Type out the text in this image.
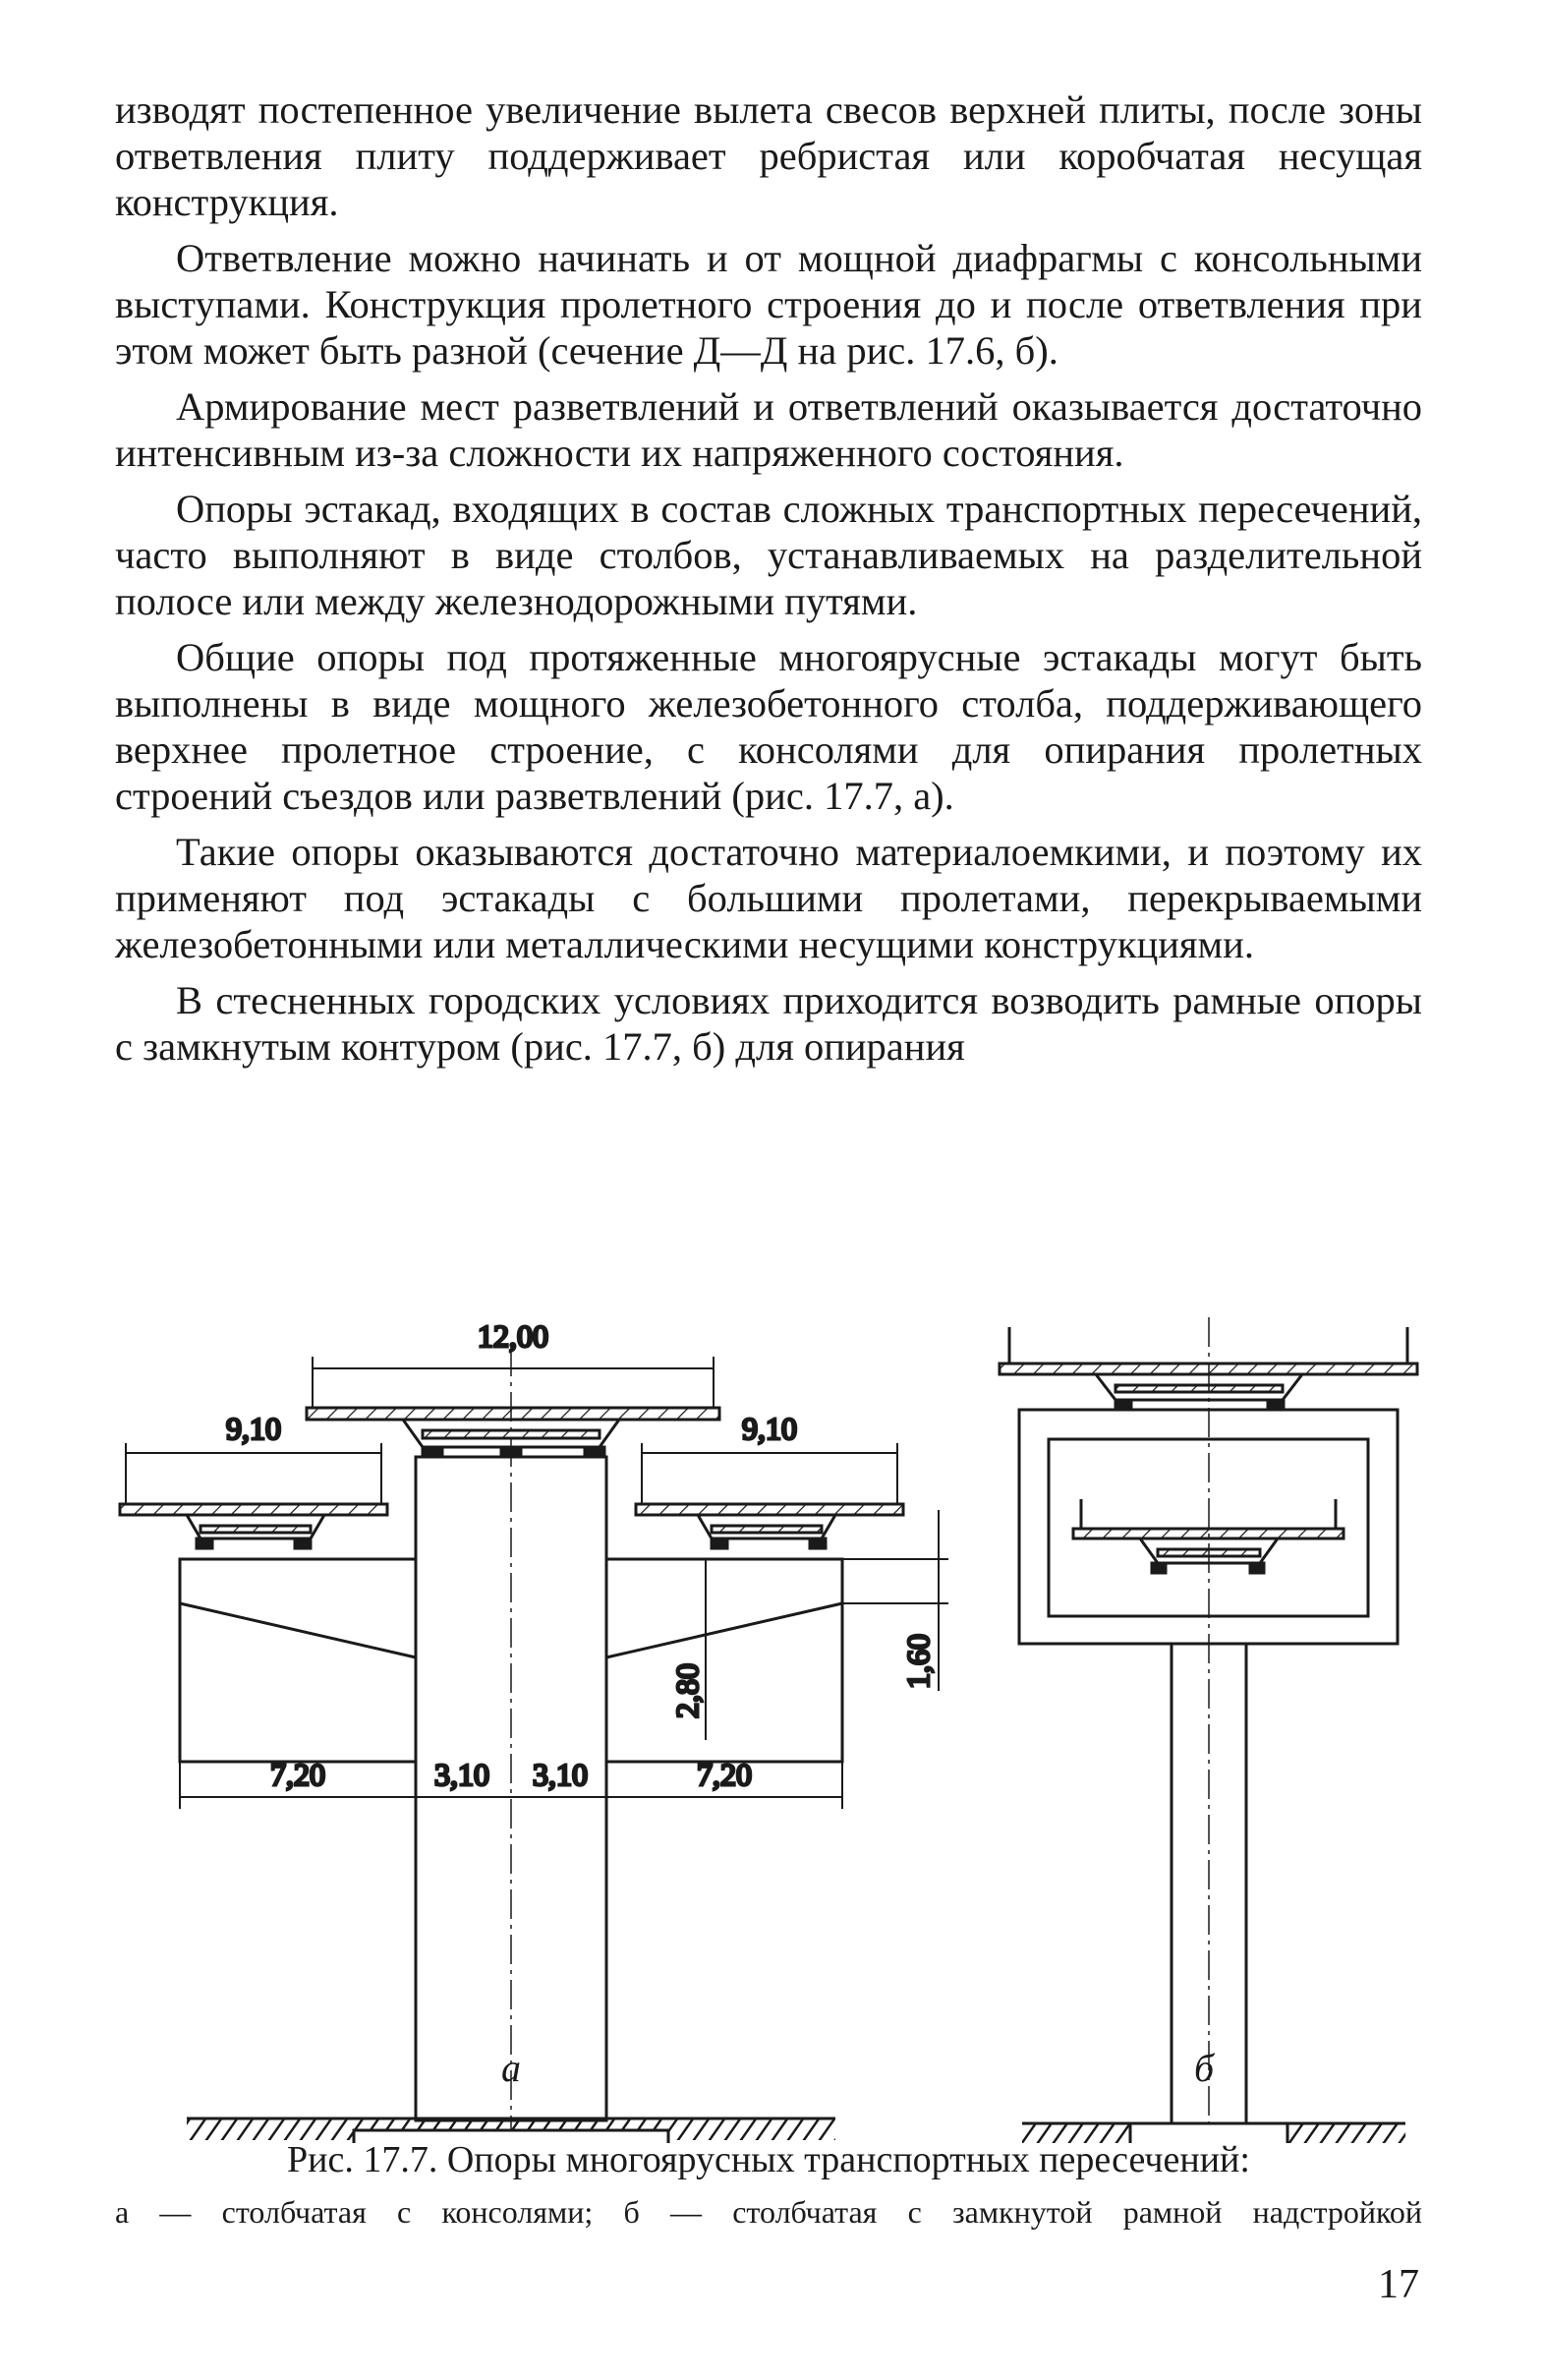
изводят постепенное увеличение вылета свесов верхней плиты, после зоны ответвления плиту поддерживает ребристая или коробчатая несущая конструкция.

Ответвление можно начинать и от мощной диафрагмы с консольными выступами. Конструкция пролетного строения до и после ответвления при этом может быть разной (сечение Д—Д на рис. 17.6, б).

Армирование мест разветвлений и ответвлений оказывается достаточно интенсивным из-за сложности их напряженного состояния.

Опоры эстакад, входящих в состав сложных транспортных пересечений, часто выполняют в виде столбов, устанавливаемых на разделительной полосе или между железнодорожными путями.

Общие опоры под протяженные многоярусные эстакады могут быть выполнены в виде мощного железобетонного столба, поддерживающего верхнее пролетное строение, с консолями для опирания пролетных строений съездов или разветвлений (рис. 17.7, а).

Такие опоры оказываются достаточно материалоемкими, и поэтому их применяют под эстакады с большими пролетами, перекрываемыми железобетонными или металлическими несущими конструкциями.

В стесненных городских условиях приходится возводить рамные опоры с замкнутым контуром (рис. 17.7, б) для опирания

12,00
9,10	9,10
7,20	3,10 3,10	7,20
2,80
1,60
а	б
Рис. 17.7. Опоры многоярусных транспортных пересечений:
а — столбчатая с консолями; б — столбчатая с замкнутой рамной надстройкой
17
